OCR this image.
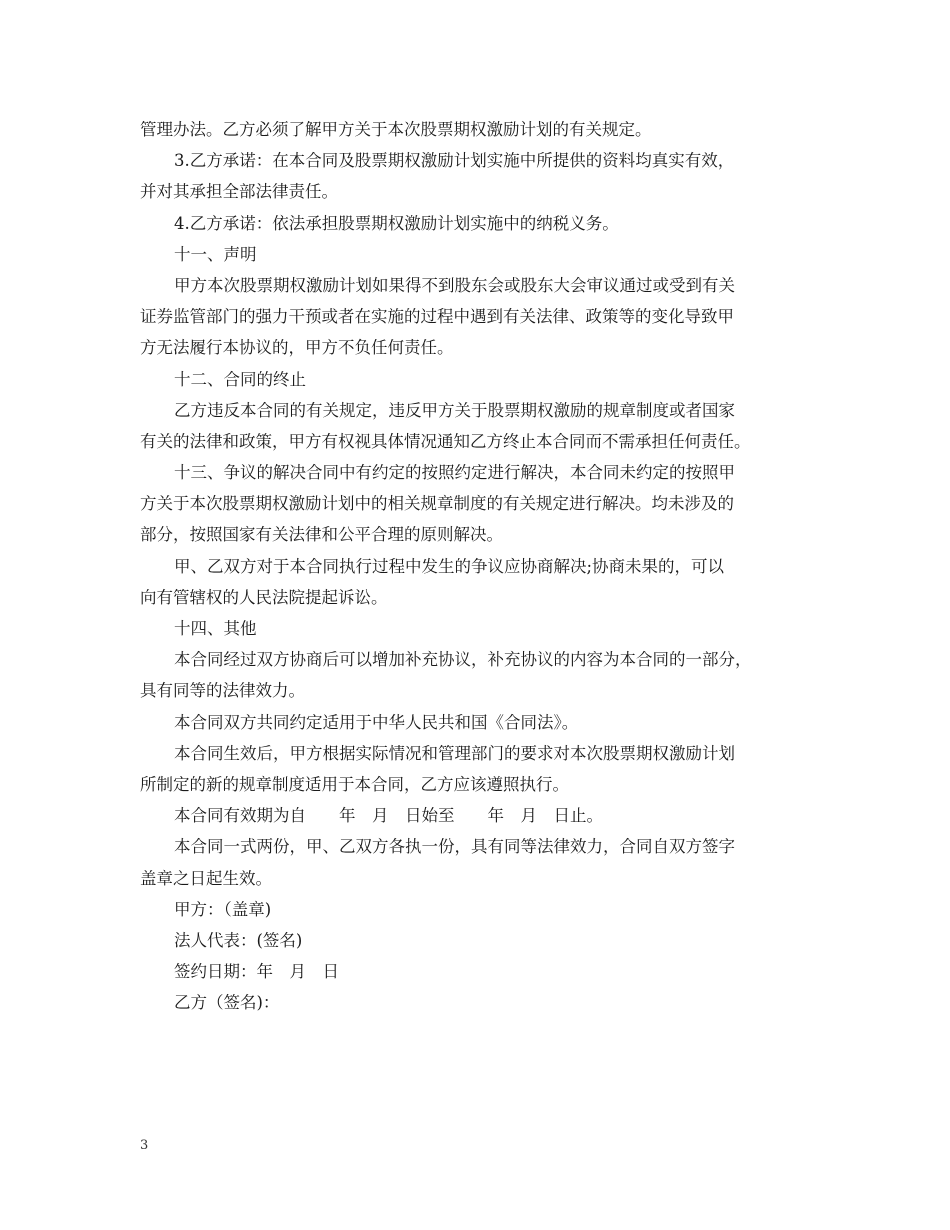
管理办法。乙方必须了解甲方关于本次股票期权激励计划的有关规定。
3.乙方承诺：在本合同及股票期权激励计划实施中所提供的资料均真实有效，
并对其承担全部法律责任。
4.乙方承诺：依法承担股票期权激励计划实施中的纳税义务。
十一、声明
甲方本次股票期权激励计划如果得不到股东会或股东大会审议通过或受到有关
证券监管部门的强力干预或者在实施的过程中遇到有关法律、政策等的变化导致甲
方无法履行本协议的，甲方不负任何责任。
十二、合同的终止
乙方违反本合同的有关规定，违反甲方关于股票期权激励的规章制度或者国家
有关的法律和政策，甲方有权视具体情况通知乙方终止本合同而不需承担任何责任。
十三、争议的解决合同中有约定的按照约定进行解决，本合同未约定的按照甲
方关于本次股票期权激励计划中的相关规章制度的有关规定进行解决。均未涉及的
部分，按照国家有关法律和公平合理的原则解决。
甲、乙双方对于本合同执行过程中发生的争议应协商解决;协商未果的，可以
向有管辖权的人民法院提起诉讼。
十四、其他
本合同经过双方协商后可以增加补充协议，补充协议的内容为本合同的一部分，
具有同等的法律效力。
本合同双方共同约定适用于中华人民共和国《合同法》。
本合同生效后，甲方根据实际情况和管理部门的要求对本次股票期权激励计划
所制定的新的规章制度适用于本合同，乙方应该遵照执行。
本合同有效期为自　　年　月　日始至　　年　月　日止。
本合同一式两份，甲、乙双方各执一份，具有同等法律效力，合同自双方签字
盖章之日起生效。
甲方：（盖章)
法人代表：(签名)
签约日期：年　月　日
乙方（签名)：
3
